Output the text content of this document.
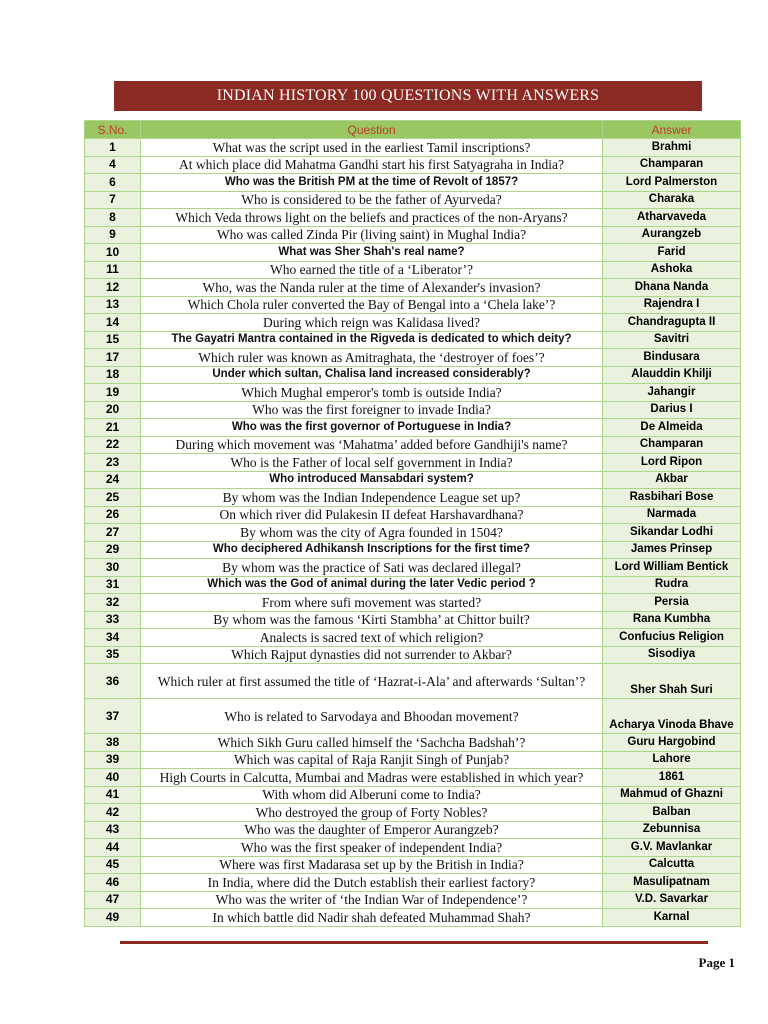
INDIAN HISTORY 100 QUESTIONS WITH ANSWERS
S.No.	Question	Answer
1	What was the script used in the earliest Tamil inscriptions?	Brahmi
4	At which place did Mahatma Gandhi start his first Satyagraha in India?	Champaran
6	Who was the British PM at the time of Revolt of 1857?	Lord Palmerston
7	Who is considered to be the father of Ayurveda?	Charaka
8	Which Veda throws light on the beliefs and practices of the non-Aryans?	Atharvaveda
9	Who was called Zinda Pir (living saint) in Mughal India?	Aurangzeb
10	What was Sher Shah's real name?	Farid
11	Who earned the title of a ‘Liberator’?	Ashoka
12	Who, was the Nanda ruler at the time of Alexander's invasion?	Dhana Nanda
13	Which Chola ruler converted the Bay of Bengal into a ‘Chela lake’?	Rajendra I
14	During which reign was Kalidasa lived?	Chandragupta II
15	The Gayatri Mantra contained in the Rigveda is dedicated to which deity?	Savitri
17	Which ruler was known as Amitraghata, the ‘destroyer of foes’?	Bindusara
18	Under which sultan, Chalisa land increased considerably?	Alauddin Khilji
19	Which Mughal emperor's tomb is outside India?	Jahangir
20	Who was the first foreigner to invade India?	Darius I
21	Who was the first governor of Portuguese in India?	De Almeida
22	During which movement was ‘Mahatma’ added before Gandhiji's name?	Champaran
23	Who is the Father of local self government in India?	Lord Ripon
24	Who introduced Mansabdari system?	Akbar
25	By whom was the Indian Independence League set up?	Rasbihari Bose
26	On which river did Pulakesin II defeat Harshavardhana?	Narmada
27	By whom was the city of Agra founded in 1504?	Sikandar Lodhi
29	Who deciphered Adhikansh Inscriptions for the first time?	James Prinsep
30	By whom was the practice of Sati was declared illegal?	Lord William Bentick
31	Which was the God of animal during the later Vedic period ?	Rudra
32	From where sufi movement was started?	Persia
33	By whom was the famous ‘Kirti Stambha’ at Chittor built?	Rana Kumbha
34	Analects is sacred text of which religion?	Confucius Religion
35	Which Rajput dynasties did not surrender to Akbar?	Sisodiya
36	Which ruler at first assumed the title of ‘Hazrat-i-Ala’ and afterwards ‘Sultan’?	Sher Shah Suri
37	Who is related to Sarvodaya and Bhoodan movement?	Acharya Vinoda Bhave
38	Which Sikh Guru called himself the ‘Sachcha Badshah’?	Guru Hargobind
39	Which was capital of Raja Ranjit Singh of Punjab?	Lahore
40	High Courts in Calcutta, Mumbai and Madras were established in which year?	1861
41	With whom did Alberuni come to India?	Mahmud of Ghazni
42	Who destroyed the group of Forty Nobles?	Balban
43	Who was the daughter of Emperor Aurangzeb?	Zebunnisa
44	Who was the first speaker of independent India?	G.V. Mavlankar
45	Where was first Madarasa set up by the British in India?	Calcutta
46	In India, where did the Dutch establish their earliest factory?	Masulipatnam
47	Who was the writer of ‘the Indian War of Independence’?	V.D. Savarkar
49	In which battle did Nadir shah defeated Muhammad Shah?	Karnal
Page 1
